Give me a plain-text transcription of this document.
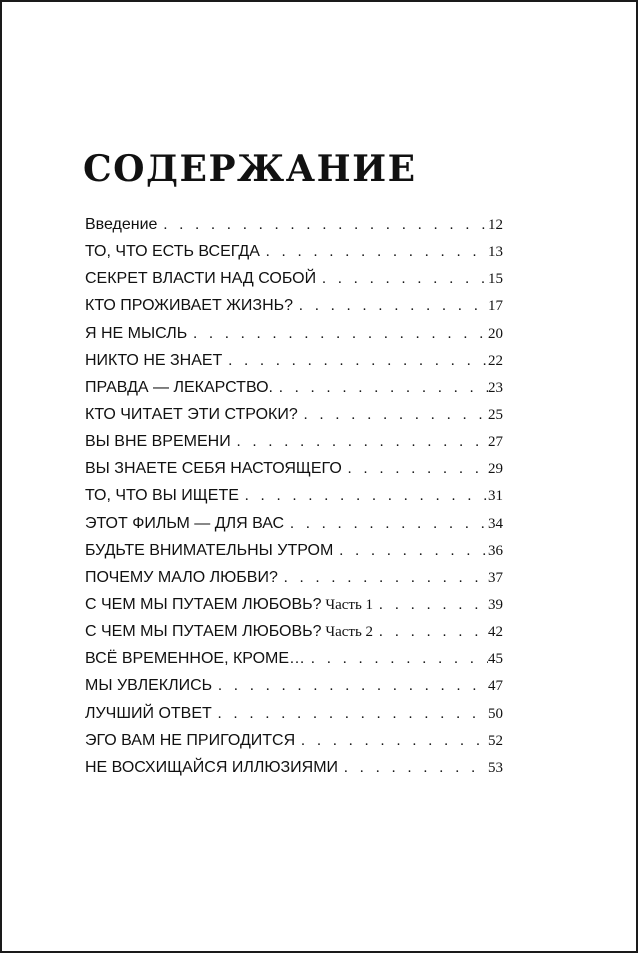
СОДЕРЖАНИЕ
Введение . . .	12
ТО, ЧТО ЕСТЬ ВСЕГДА . . .	13
СЕКРЕТ ВЛАСТИ НАД СОБОЙ . . .	15
КТО ПРОЖИВАЕТ ЖИЗНЬ? . . .	17
Я НЕ МЫСЛЬ . . .	20
НИКТО НЕ ЗНАЕТ . . .	22
ПРАВДА — ЛЕКАРСТВО. . . .	23
КТО ЧИТАЕТ ЭТИ СТРОКИ? . . .	25
ВЫ ВНЕ ВРЕМЕНИ . . .	27
ВЫ ЗНАЕТЕ СЕБЯ НАСТОЯЩЕГО . . .	29
ТО, ЧТО ВЫ ИЩЕТЕ . . .	31
ЭТОТ ФИЛЬМ — ДЛЯ ВАС . . .	34
БУДЬТЕ ВНИМАТЕЛЬНЫ УТРОМ . . .	36
ПОЧЕМУ МАЛО ЛЮБВИ? . . .	37
С ЧЕМ МЫ ПУТАЕМ ЛЮБОВЬ? Часть 1 . . .	39
С ЧЕМ МЫ ПУТАЕМ ЛЮБОВЬ? Часть 2 . . .	42
ВСЁ ВРЕМЕННОЕ, КРОМЕ… . . .	45
МЫ УВЛЕКЛИСЬ . . .	47
ЛУЧШИЙ ОТВЕТ . . .	50
ЭГО ВАМ НЕ ПРИГОДИТСЯ . . .	52
НЕ ВОСХИЩАЙСЯ ИЛЛЮЗИЯМИ . . .	53
